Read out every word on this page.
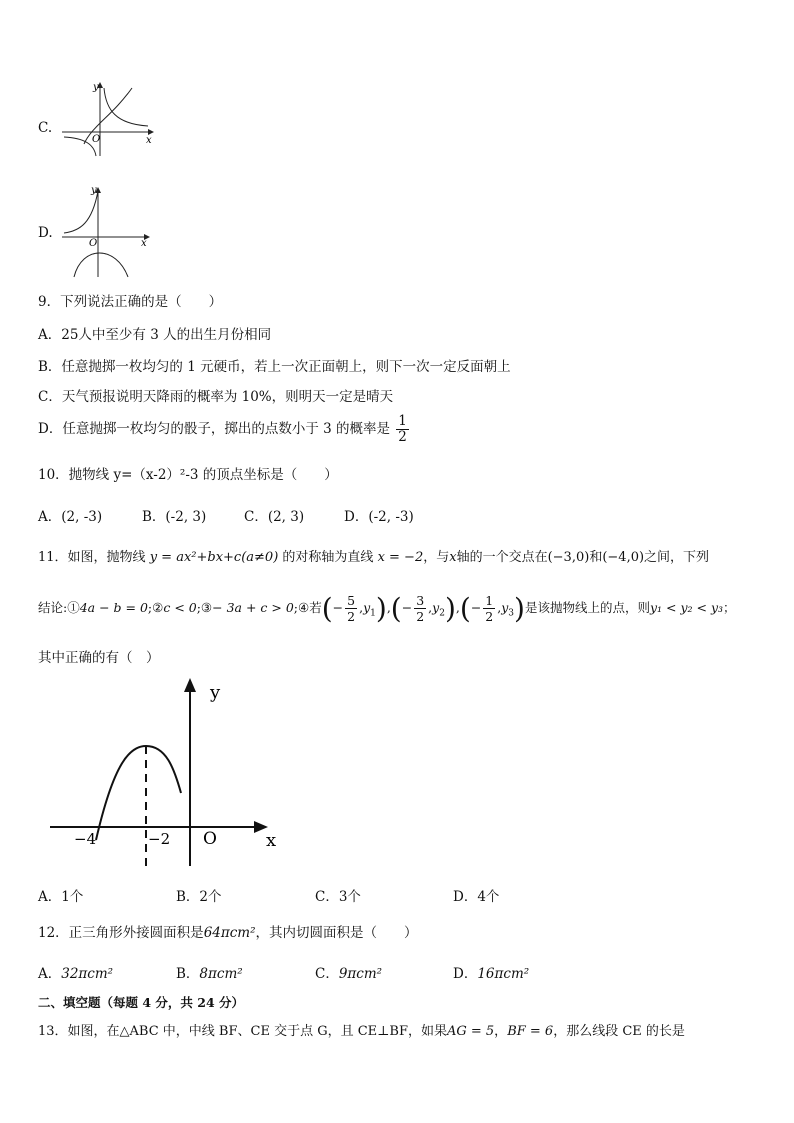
C.
y
x
O
D.
y
x
O
9．下列说法正确的是（　　）
A．25人中至少有 3 人的出生月份相同
B．任意抛掷一枚均匀的 1 元硬币，若上一次正面朝上，则下一次一定反面朝上
C．天气预报说明天降雨的概率为 10%，则明天一定是晴天
D．任意抛掷一枚均匀的骰子，掷出的点数小于 3 的概率是 $\frac{1}{2}$
10．抛物线 y=（x-2）²-3 的顶点坐标是（　　）
A．(2, -3)	B．(-2, 3)	C．(2, 3)	D．(-2, -3)
11．如图，抛物线 y = ax²+bx+c(a≠0) 的对称轴为直线 x = −2，与x轴的一个交点在(−3,0)和(−4,0)之间，下列
结论:①4a − b = 0;②c < 0;③− 3a + c > 0;④若(− $\frac{5}{2} ,y_1),(- \frac{3}{2} ,y_2),(- \frac{1}{2} ,y_3)$是该抛物线上的点，则y₁ < y₂ < y₃；
其中正确的有（　）
y
x
−4	−2 O
A．1个	B．2个	C．3个	D．4个
12．正三角形外接圆面积是64πcm²，其内切圆面积是（　　）
A．32πcm²	B．8πcm²	C．9πcm²	D．16πcm²
二、填空题（每题 4 分，共 24 分）
13．如图，在△ABC 中，中线 BF、CE 交于点 G，且 CE⊥BF，如果AG = 5，BF = 6，那么线段 CE 的长是
